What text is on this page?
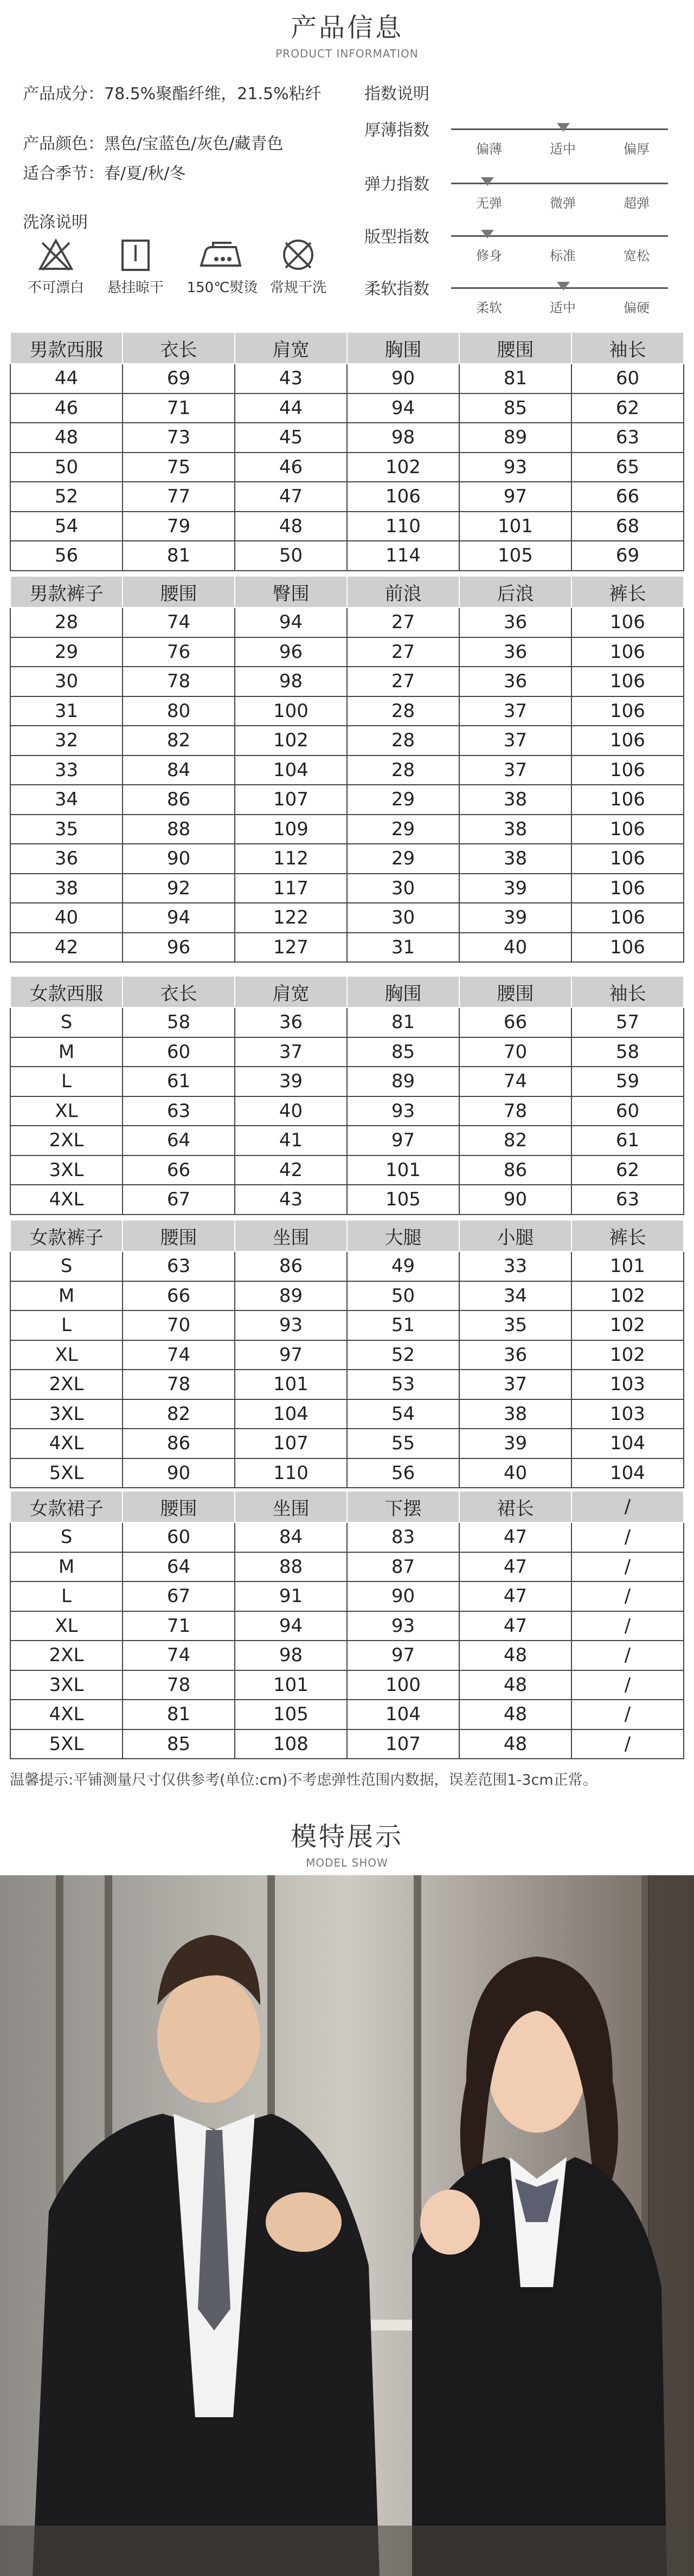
产品信息
PRODUCT INFORMATION
产品成分：78.5%聚酯纤维，21.5%粘纤
产品颜色：黑色/宝蓝色/灰色/藏青色
适合季节：春/夏/秋/冬
洗涤说明
不可漂白	悬挂晾干	150℃熨烫 常规干洗
指数说明
厚薄指数
偏薄	适中	偏厚
弹力指数
无弹	微弹	超弹
版型指数
修身	标准	宽松
柔软指数
柔软	适中	偏硬
男款西服	衣长	肩宽	胸围	腰围	袖长
44	69	43	90	81	60
46	71	44	94	85	62
48	73	45	98	89	63
50	75	46	102	93	65
52	77	47	106	97	66
54	79	48	110	101	68
56	81	50	114	105	69
男款裤子	腰围	臀围	前浪	后浪	裤长
28	74	94	27	36	106
29	76	96	27	36	106
30	78	98	27	36	106
31	80	100	28	37	106
32	82	102	28	37	106
33	84	104	28	37	106
34	86	107	29	38	106
35	88	109	29	38	106
36	90	112	29	38	106
38	92	117	30	39	106
40	94	122	30	39	106
42	96	127	31	40	106
女款西服	衣长	肩宽	胸围	腰围	袖长
S	58	36	81	66	57
M	60	37	85	70	58
L	61	39	89	74	59
XL	63	40	93	78	60
2XL	64	41	97	82	61
3XL	66	42	101	86	62
4XL	67	43	105	90	63
女款裤子	腰围	坐围	大腿	小腿	裤长
S	63	86	49	33	101
M	66	89	50	34	102
L	70	93	51	35	102
XL	74	97	52	36	102
2XL	78	101	53	37	103
3XL	82	104	54	38	103
4XL	86	107	55	39	104
5XL	90	110	56	40	104
女款裙子	腰围	坐围	下摆	裙长	/
S	60	84	83	47	/
M	64	88	87	47	/
L	67	91	90	47	/
XL	71	94	93	47	/
2XL	74	98	97	48	/
3XL	78	101	100	48	/
4XL	81	105	104	48	/
5XL	85	108	107	48	/
温馨提示:平铺测量尺寸仅供参考(单位:cm)不考虑弹性范围内数据，误差范围1-3cm正常。
模特展示
MODEL SHOW
